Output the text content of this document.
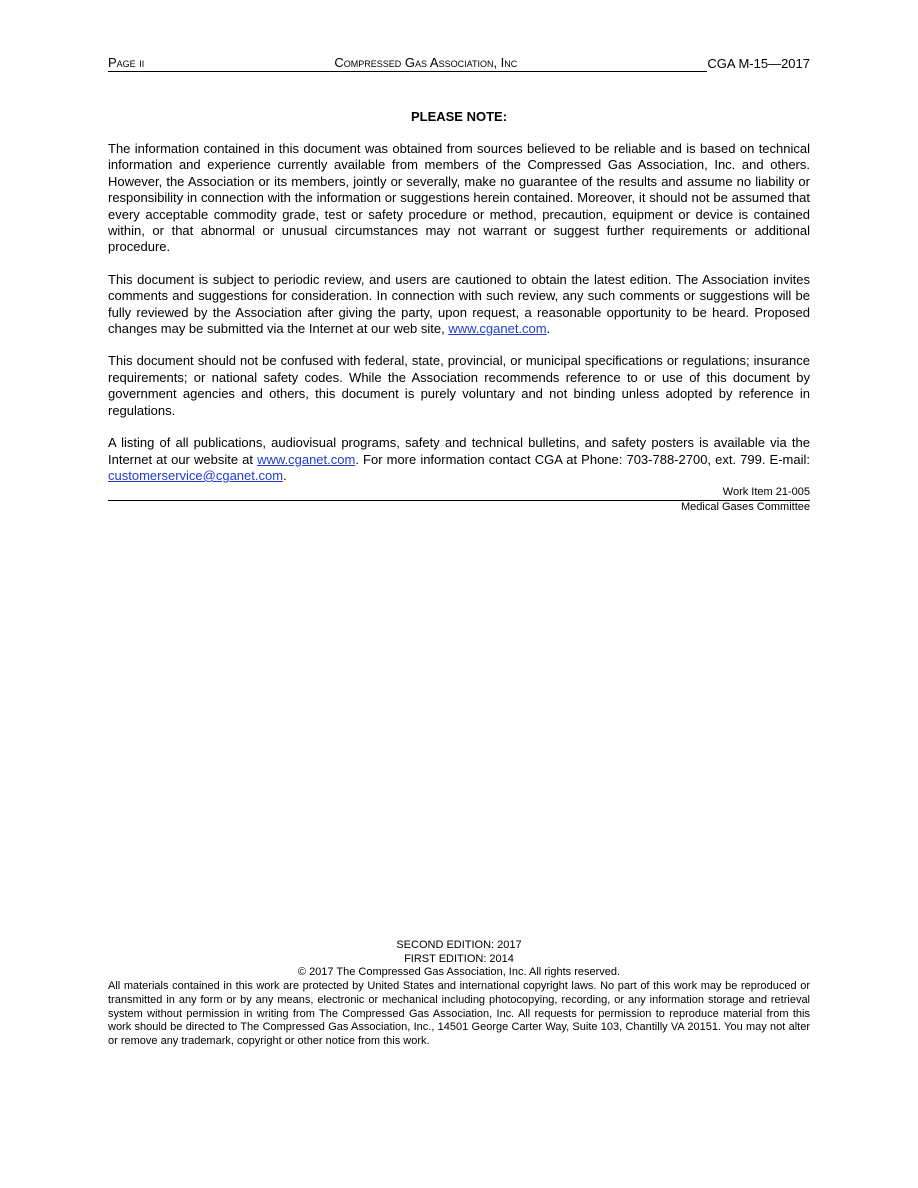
Page ii	Compressed Gas Association, Inc	CGA M-15—2017
PLEASE NOTE:

The information contained in this document was obtained from sources believed to be reliable and is based on technical information and experience currently available from members of the Compressed Gas Association, Inc. and others. However, the Association or its members, jointly or severally, make no guarantee of the results and assume no liability or responsibility in connection with the information or suggestions herein contained. Moreover, it should not be assumed that every acceptable commodity grade, test or safety procedure or method, precaution, equipment or device is contained within, or that abnormal or unusual circumstances may not warrant or suggest further requirements or additional procedure.

This document is subject to periodic review, and users are cautioned to obtain the latest edition. The Association invites comments and suggestions for consideration. In connection with such review, any such comments or suggestions will be fully reviewed by the Association after giving the party, upon request, a reasonable opportunity to be heard. Proposed changes may be submitted via the Internet at our web site, www.cganet.com.

This document should not be confused with federal, state, provincial, or municipal specifications or regulations; insurance requirements; or national safety codes. While the Association recommends reference to or use of this document by government agencies and others, this document is purely voluntary and not binding unless adopted by reference in regulations.

A listing of all publications, audiovisual programs, safety and technical bulletins, and safety posters is available via the Internet at our website at www.cganet.com. For more information contact CGA at Phone: 703-788-2700, ext. 799. E-mail: customerservice@cganet.com.

Work Item 21-005
Medical Gases Committee
SECOND EDITION: 2017
FIRST EDITION: 2014
© 2017 The Compressed Gas Association, Inc. All rights reserved.
All materials contained in this work are protected by United States and international copyright laws. No part of this work may be reproduced or transmitted in any form or by any means, electronic or mechanical including photocopying, recording, or any information storage and retrieval system without permission in writing from The Compressed Gas Association, Inc. All requests for permission to reproduce material from this work should be directed to The Compressed Gas Association, Inc., 14501 George Carter Way, Suite 103, Chantilly VA 20151. You may not alter or remove any trademark, copyright or other notice from this work.
